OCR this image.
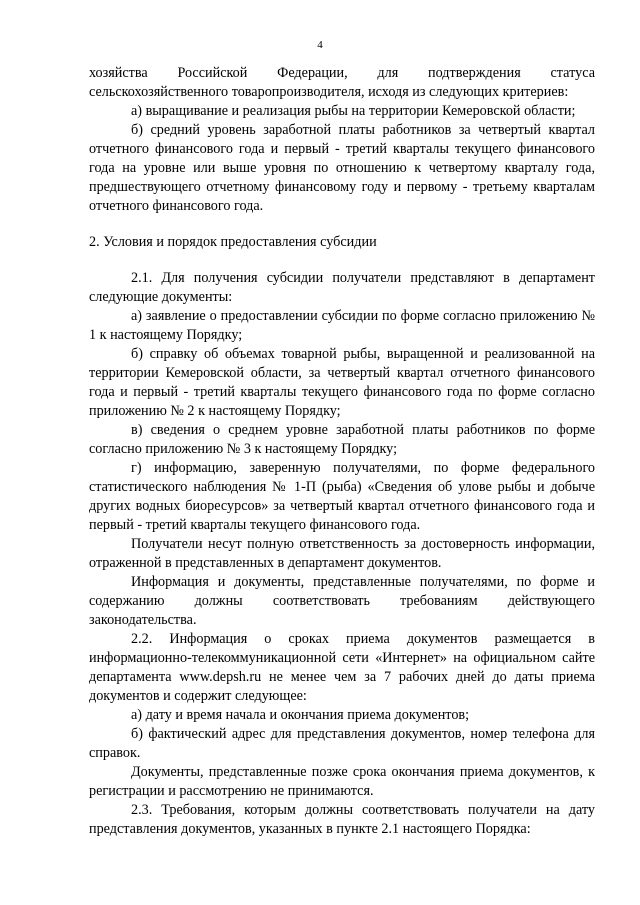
4

хозяйства Российской Федерации, для подтверждения статуса сельскохозяйственного товаропроизводителя, исходя из следующих критериев:

а) выращивание и реализация рыбы на территории Кемеровской области;

б) средний уровень заработной платы работников за четвертый квартал отчетного финансового года и первый - третий кварталы текущего финансового года на уровне или выше уровня по отношению к четвертому кварталу года, предшествующего отчетному финансовому году и первому - третьему кварталам отчетного финансового года.

2. Условия и порядок предоставления субсидии

2.1. Для получения субсидии получатели представляют в департамент следующие документы:

а) заявление о предоставлении субсидии по форме согласно приложению № 1 к настоящему Порядку;

б) справку об объемах товарной рыбы, выращенной и реализованной на территории Кемеровской области, за четвертый квартал отчетного финансового года и первый - третий кварталы текущего финансового года по форме согласно приложению № 2 к настоящему Порядку;

в) сведения о среднем уровне заработной платы работников по форме согласно приложению № 3 к настоящему Порядку;

г) информацию, заверенную получателями, по форме федерального статистического наблюдения № 1-П (рыба) «Сведения об улове рыбы и добыче других водных биоресурсов» за четвертый квартал отчетного финансового года и первый - третий кварталы текущего финансового года.

Получатели несут полную ответственность за достоверность информации, отраженной в представленных в департамент документов.

Информация и документы, представленные получателями, по форме и содержанию должны соответствовать требованиям действующего законодательства.

2.2. Информация о сроках приема документов размещается в информационно-телекоммуникационной сети «Интернет» на официальном сайте департамента www.depsh.ru не менее чем за 7 рабочих дней до даты приема документов и содержит следующее:

а) дату и время начала и окончания приема документов;

б) фактический адрес для представления документов, номер телефона для справок.

Документы, представленные позже срока окончания приема документов, к регистрации и рассмотрению не принимаются.

2.3. Требования, которым должны соответствовать получатели на дату представления документов, указанных в пункте 2.1 настоящего Порядка:
